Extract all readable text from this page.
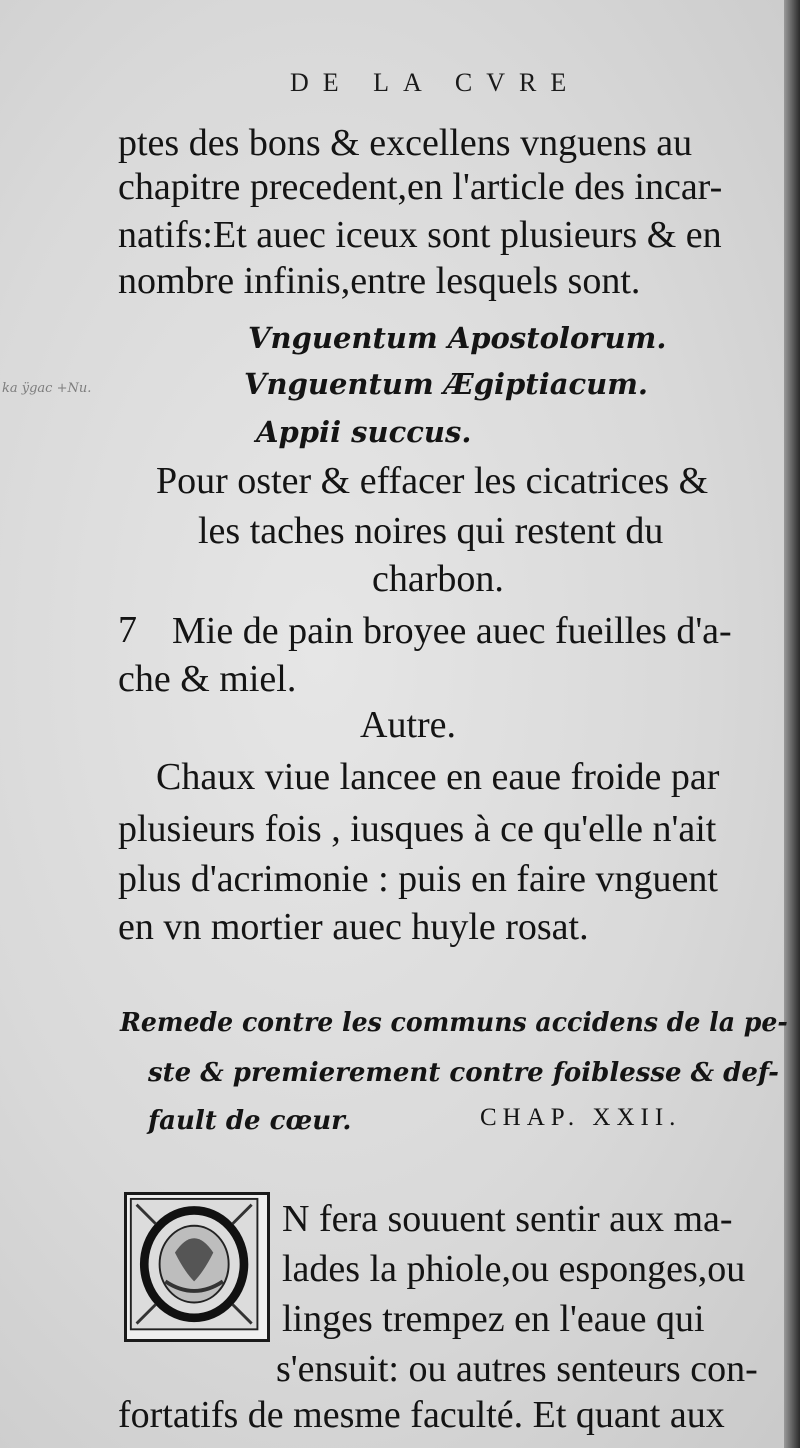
ka ÿgac +Nu.
DE LA CVRE
ptes des bons & excellens vnguens au
chapitre precedent,en l'article des incar-
natifs:Et auec iceux sont plusieurs & en
nombre infinis,entre lesquels sont.
Vnguentum Apostolorum.
Vnguentum Ægiptiacum.
Appii succus.
Pour oster & effacer les cicatrices &
les taches noires qui restent du
charbon.
7 Mie de pain broyee auec fueilles d'a-
che & miel.
Autre.
Chaux viue lancee en eaue froide par
plusieurs fois , iusques à ce qu'elle n'ait
plus d'acrimonie : puis en faire vnguent
en vn mortier auec huyle rosat.
Remede contre les communs accidens de la pe-
ste & premierement contre foiblesse & def-
fault de cœur.	CHAP. XXII.
N fera souuent sentir aux ma-
lades la phiole,ou esponges,ou
linges trempez en l'eaue qui
s'ensuit: ou autres senteurs con-
fortatifs de mesme faculté. Et quant aux
